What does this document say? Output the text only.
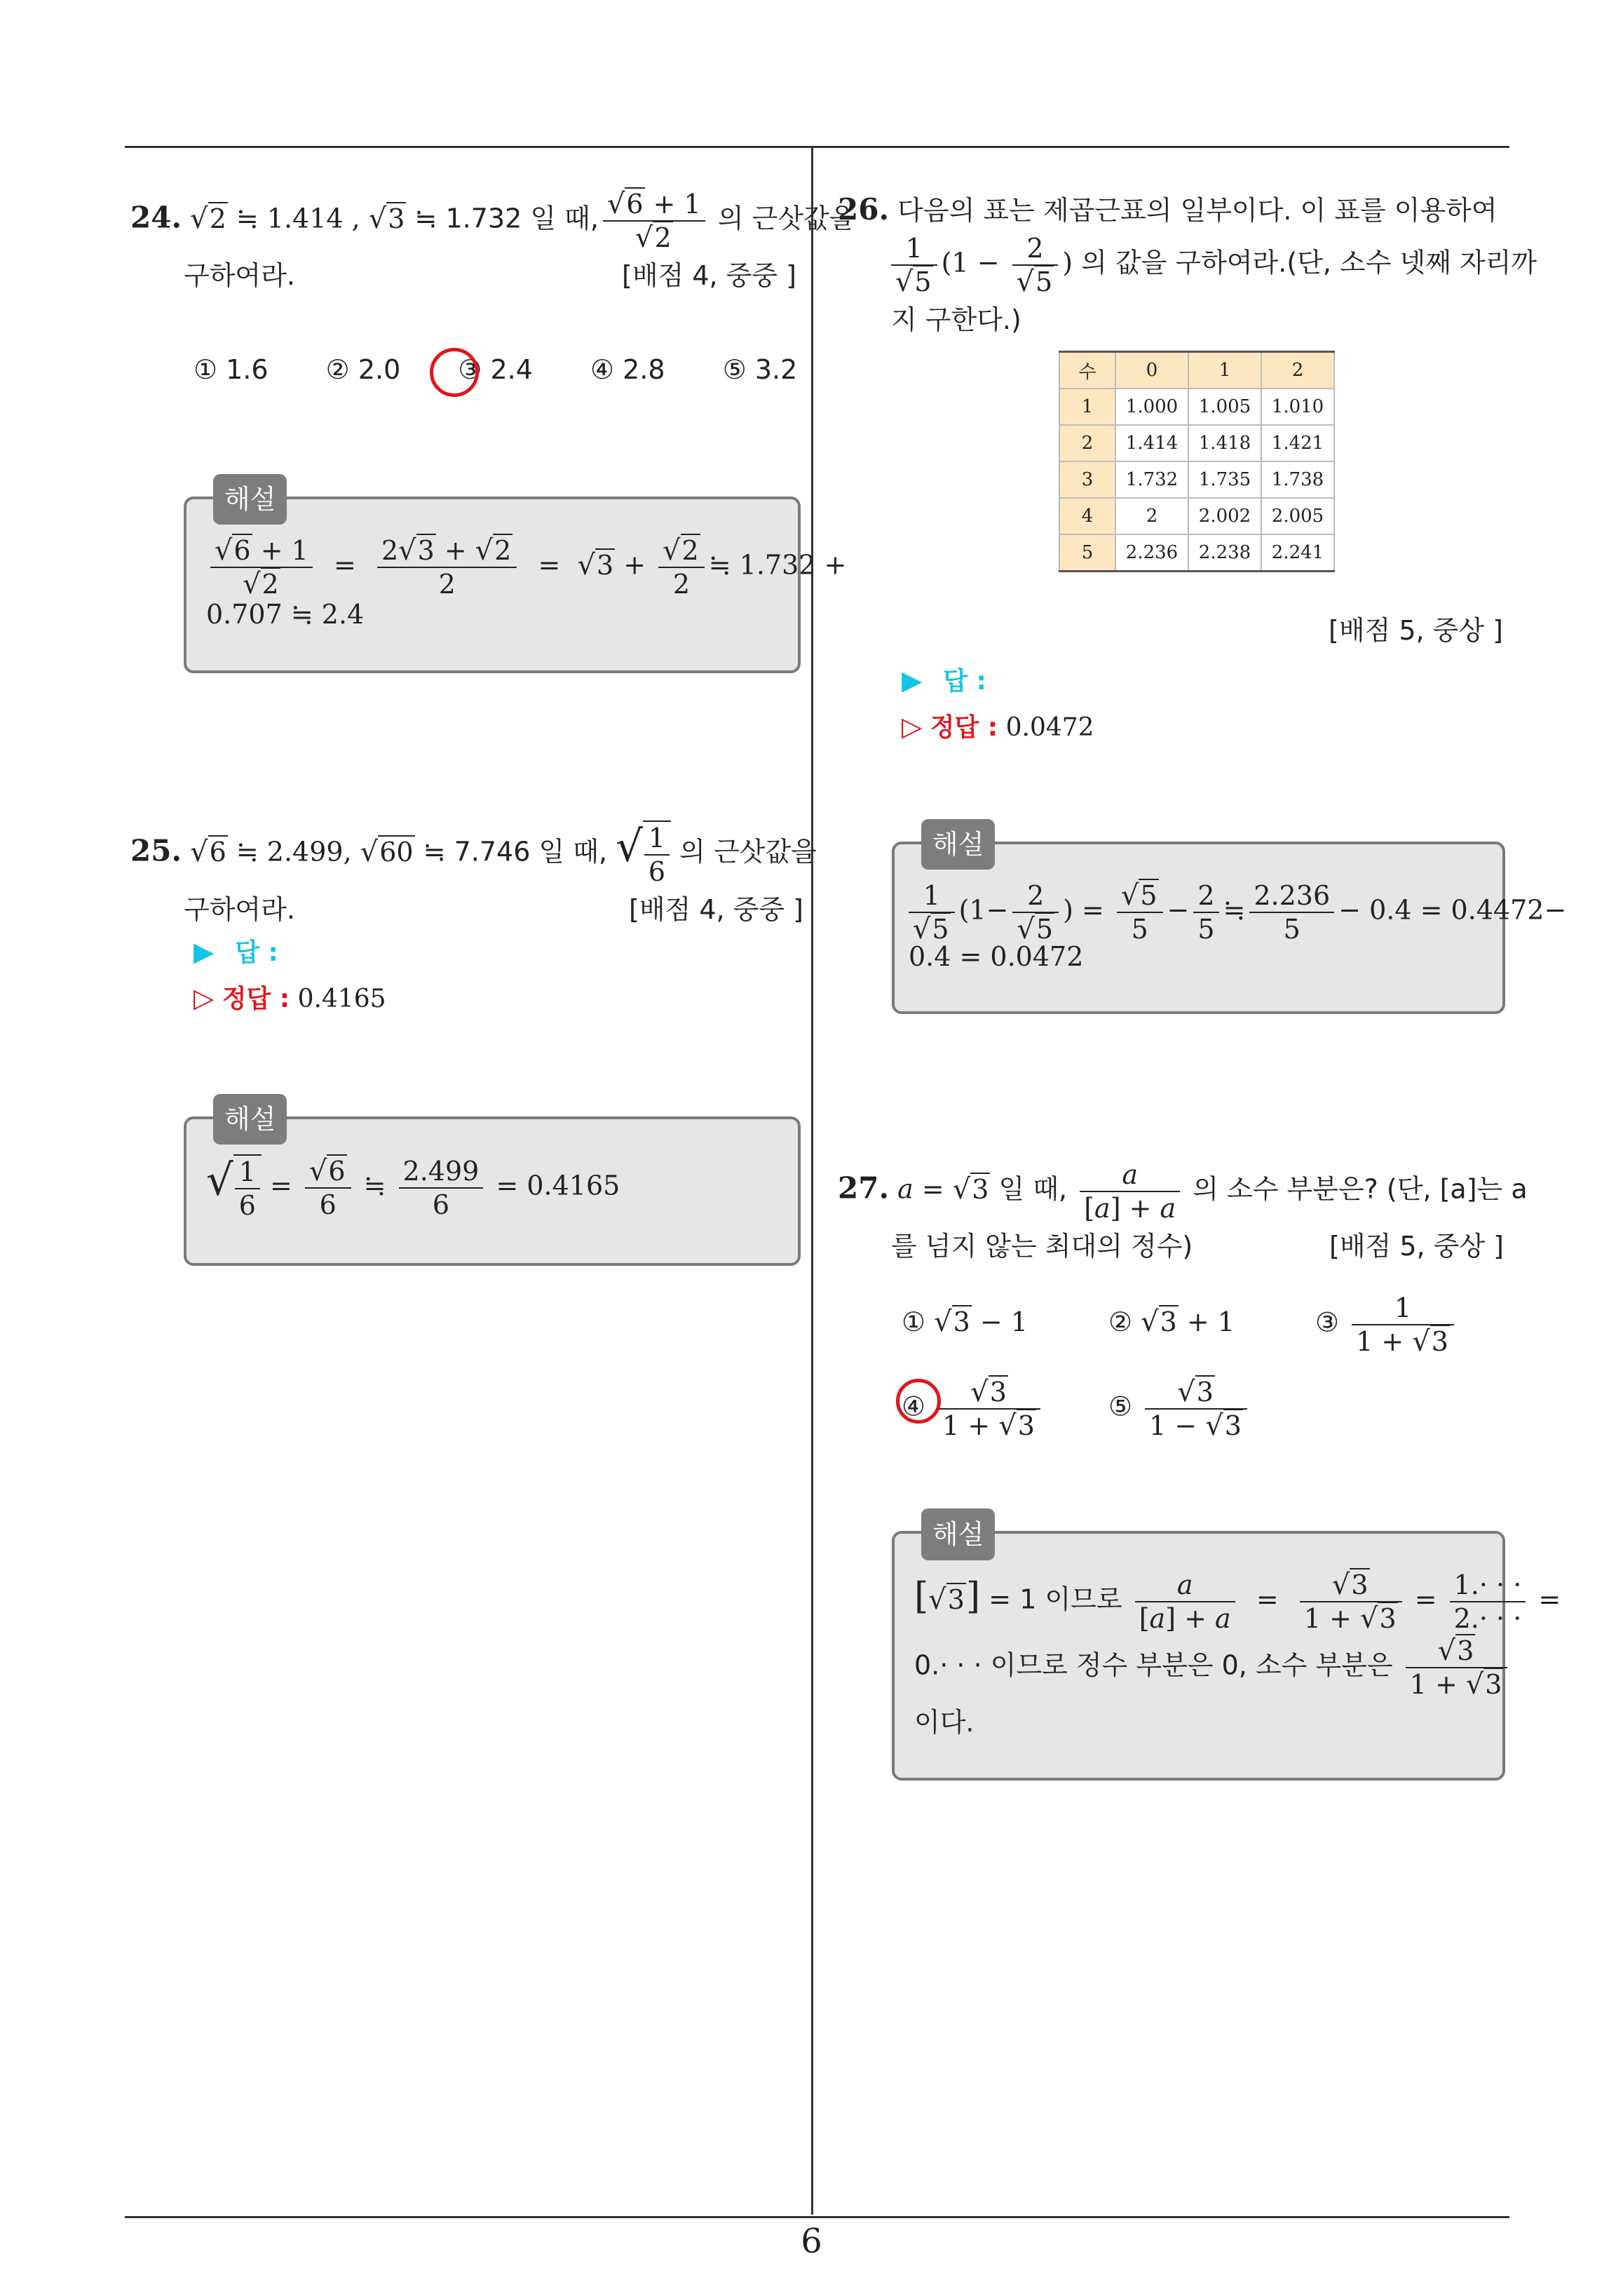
24. √2 ≒ 1.414 , √3 ≒ 1.732 일 때, $\frac{√6 + 1}{√2}$ 의 근삿값을
구하여라.	[배점 4, 중중 ]
① 1.6 ② 2.0 ③ 2.4 ④ 2.8 ⑤ 3.2
해설
$\frac{√6 + 1}{√2} = \frac{2√3 + √2}{2} = √3 + \frac{√2}{2}$ ≒ 1.732 +
0.707 ≒ 2.4
25. √6 ≒ 2.499, √60 ≒ 7.746 일 때, √ $\frac{1}{6}$ 의 근삿값을
구하여라.	[배점 4, 중중 ]
▶ 답 :
▷ 정답 : 0.4165
해설
√ $\frac{1}{6} = \frac{√6}{6}$ ≒ $\frac{2.499}{6} = 0.4165$
26. 다음의 표는 제곱근표의 일부이다. 이 표를 이용하여
$\frac{1}{√5} (1 - \frac{2}{√5}$ ) 의 값을 구하여라.(단, 소수 넷째 자리까
지 구한다.)
수	0	1	2
1	1.000	1.005	1.010
2	1.414	1.418	1.421
3	1.732	1.735	1.738
4	2	2.002	2.005
5	2.236	2.238	2.241
[배점 5, 중상 ]
▶ 답 :
▷ 정답 : 0.0472
해설
$\frac{1}{√5} (1- \frac{2}{√5}$ ) = $\frac{√5}{5} - \frac{2}{5}$ ≒ $\frac{2.236}{5} - 0.4 = 0.4472-$
0.4 = 0.0472
27. a = √3 일 때, $\frac{a}{[a] + a}$ 의 소수 부분은? (단, [a]는 a
를 넘지 않는 최대의 정수)	[배점 5, 중상 ]
① √3 − 1	② √3 + 1	③ $\frac{1}{1 + √3}$
④ $\frac{√3}{1 + √3}$	⑤ $\frac{√3}{1 - √3}$
해설
[√3] = 1 이므로 $\frac{a}{[a] + a} = \frac{√3}{1 + √3} = \frac{1.\cdot \cdot \cdot}{2.\cdot \cdot \cdot}$ =
0.· · · 이므로 정수 부분은 0, 소수 부분은 $\frac{√3}{1 + √3}$
이다.
6
